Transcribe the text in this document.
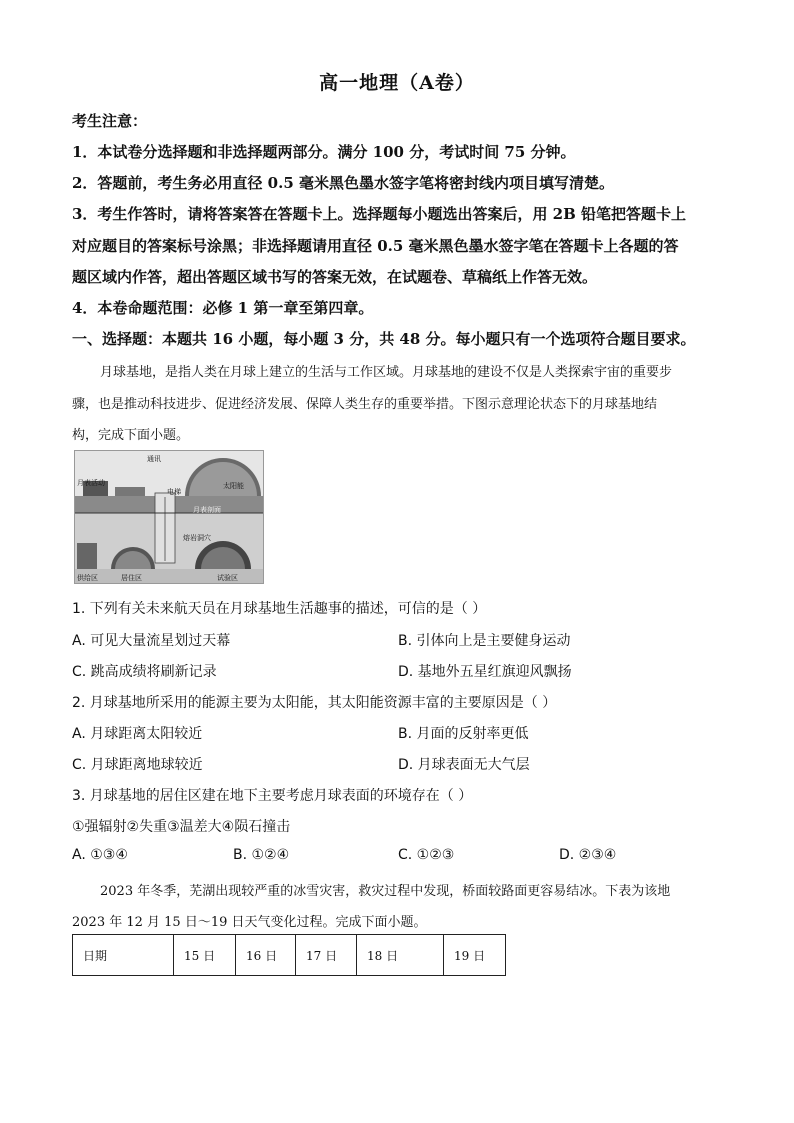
高一地理（A卷）
考生注意：
1．本试卷分选择题和非选择题两部分。满分 100 分，考试时间 75 分钟。
2．答题前，考生务必用直径 0.5 毫米黑色墨水签字笔将密封线内项目填写清楚。
3．考生作答时，请将答案答在答题卡上。选择题每小题选出答案后，用 2B 铅笔把答题卡上
对应题目的答案标号涂黑；非选择题请用直径 0.5 毫米黑色墨水签字笔在答题卡上各题的答
题区域内作答，超出答题区域书写的答案无效，在试题卷、草稿纸上作答无效。
4．本卷命题范围：必修 1 第一章至第四章。
一、选择题：本题共 16 小题，每小题 3 分，共 48 分。每小题只有一个选项符合题目要求。
月球基地，是指人类在月球上建立的生活与工作区域。月球基地的建设不仅是人类探索宇宙的重要步
骤，也是推动科技进步、促进经济发展、保障人类生存的重要举措。下图示意理论状态下的月球基地结
构，完成下面小题。
通讯
月表活动
电梯
太阳能
月表剖面
熔岩洞穴
供给区	居住区	试验区
1. 下列有关未来航天员在月球基地生活趣事的描述，可信的是（ ）
A. 可见大量流星划过天幕	B. 引体向上是主要健身运动
C. 跳高成绩将刷新记录	D. 基地外五星红旗迎风飘扬
2. 月球基地所采用的能源主要为太阳能，其太阳能资源丰富的主要原因是（ ）
A. 月球距离太阳较近	B. 月面的反射率更低
C. 月球距离地球较近	D. 月球表面无大气层
3. 月球基地的居住区建在地下主要考虑月球表面的环境存在（ ）
①强辐射②失重③温差大④陨石撞击
A. ①③④	B. ①②④	C. ①②③	D. ②③④
2023 年冬季，芜湖出现较严重的冰雪灾害，救灾过程中发现，桥面较路面更容易结冰。下表为该地
2023 年 12 月 15 日～19 日天气变化过程。完成下面小题。
日期	15 日	16 日	17 日	18 日	19 日
